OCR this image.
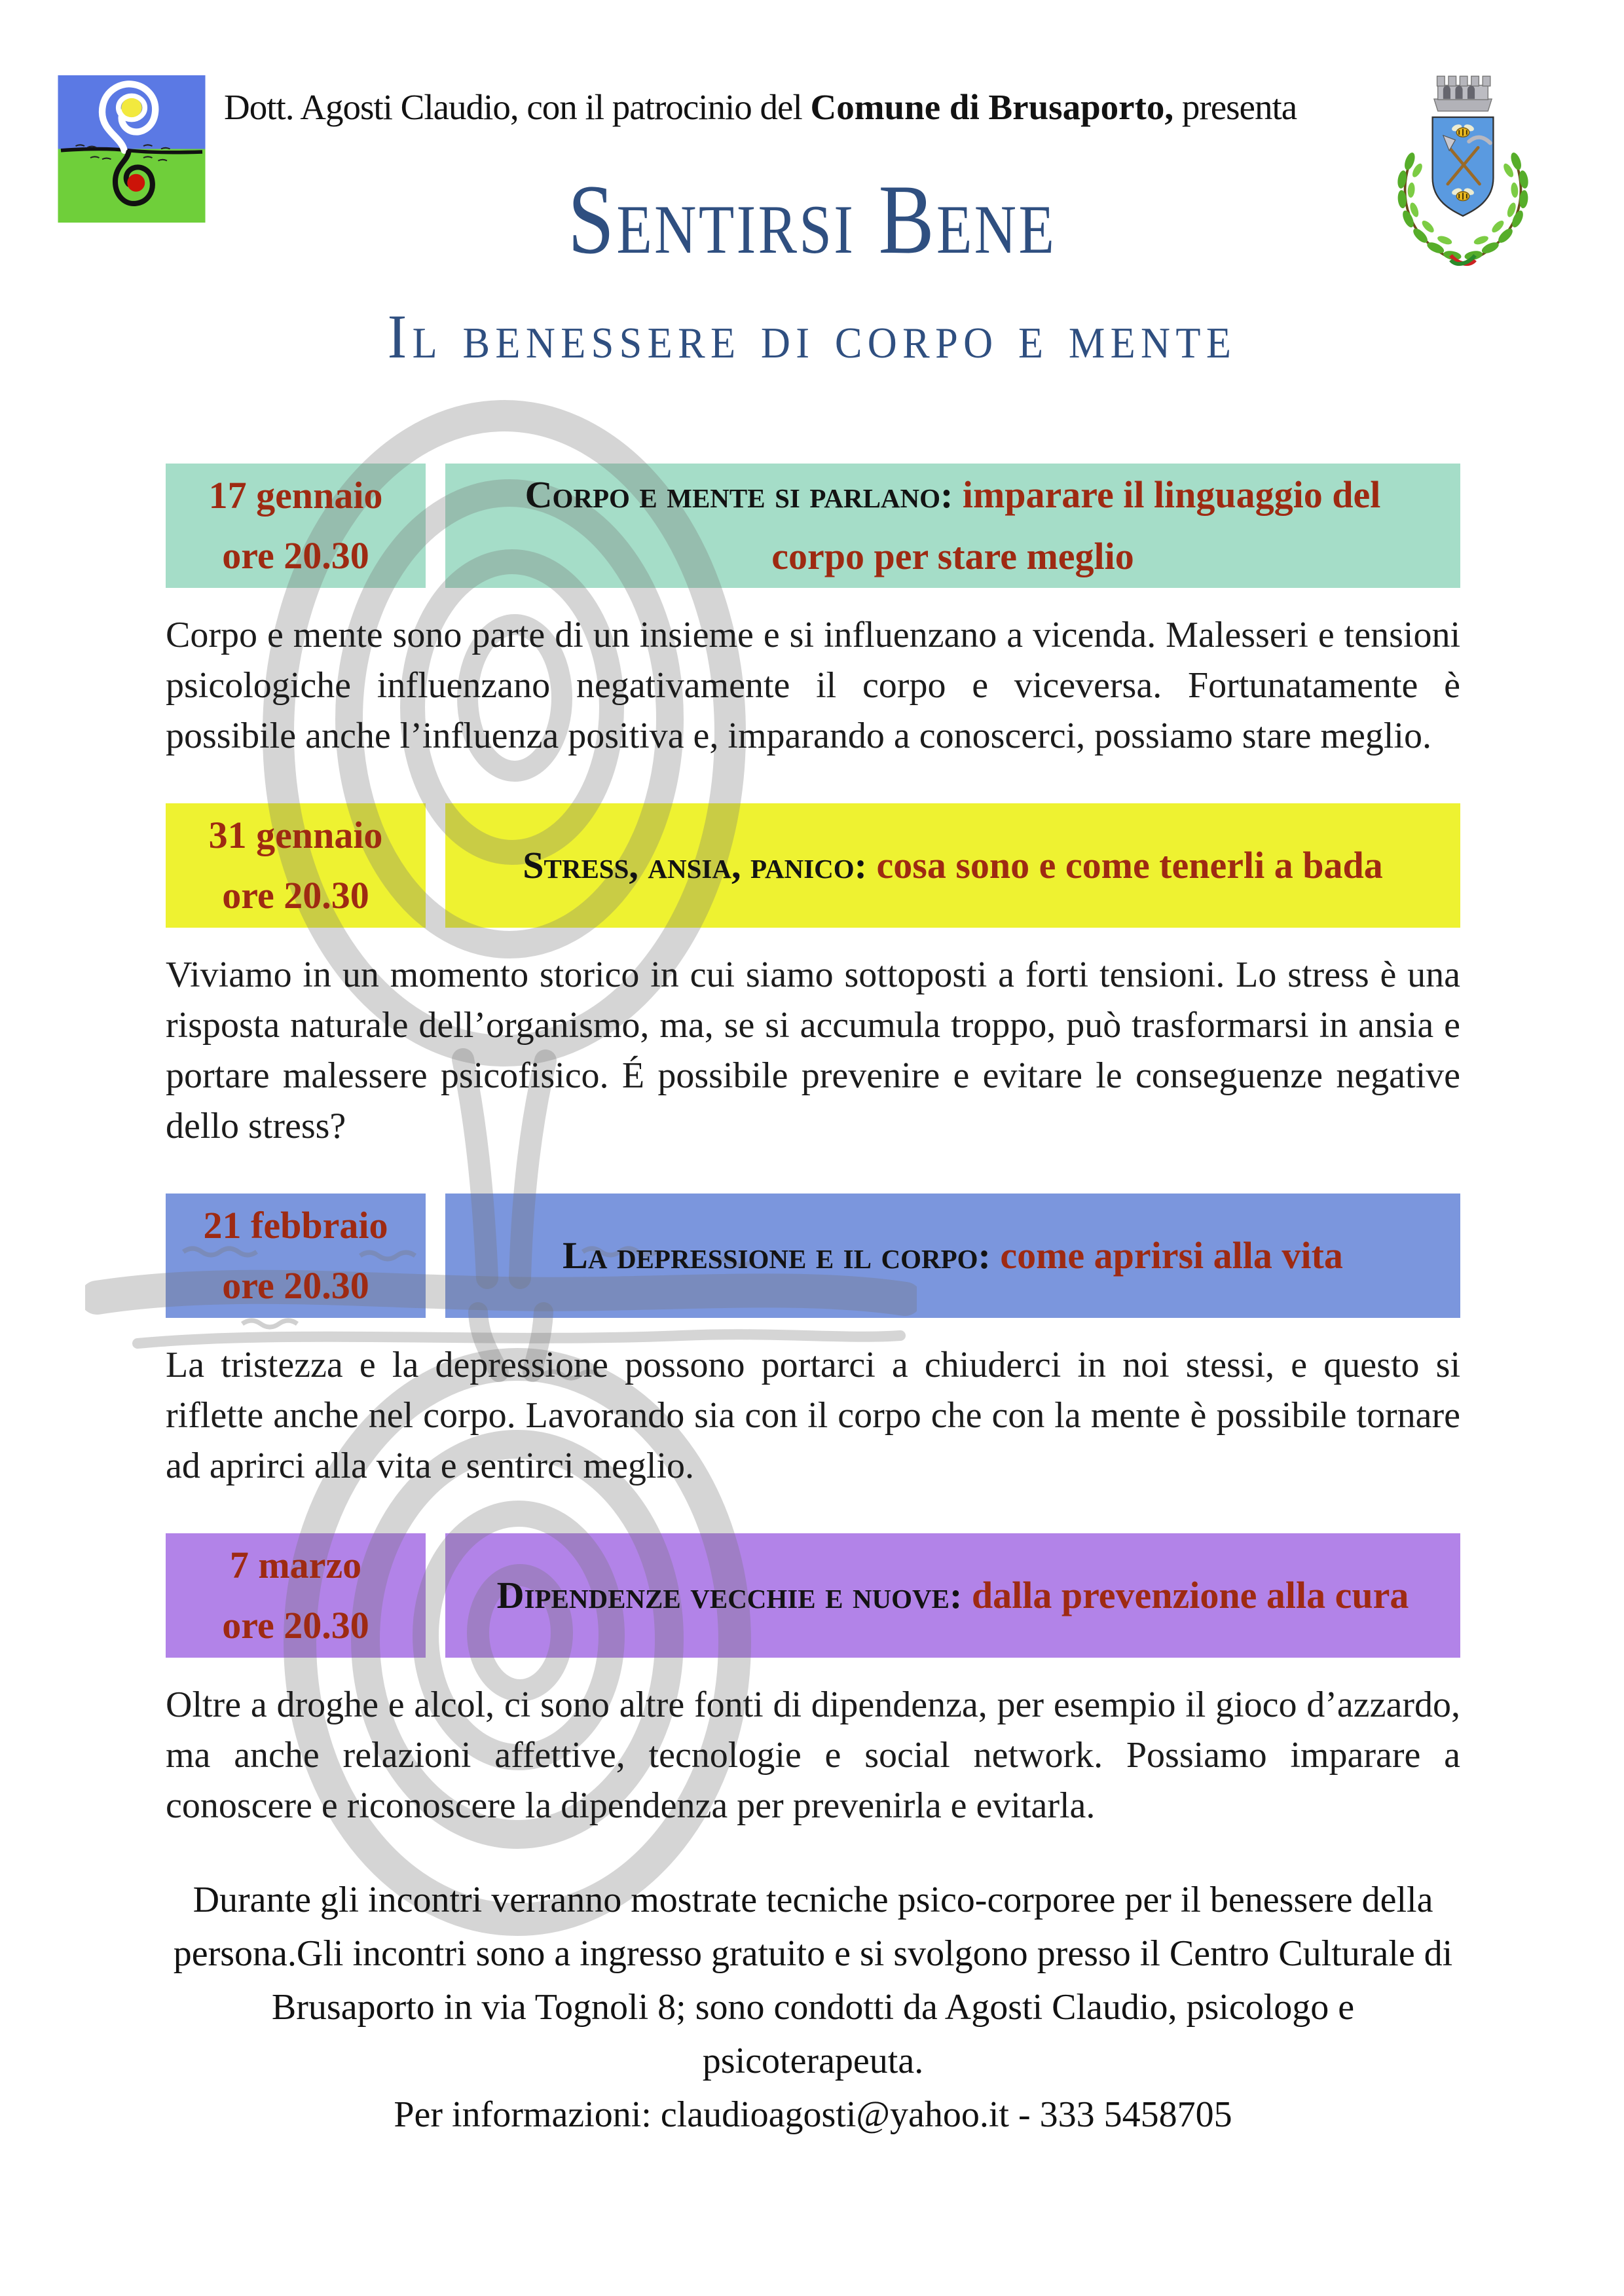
Dott. Agosti Claudio, con il patrocinio del Comune di Brusaporto, presenta
Sentirsi Bene
Il benessere di corpo e mente
17 gennaio
ore 20.30
Corpo e mente si parlano: imparare il linguaggio del corpo per stare meglio

Corpo e mente sono parte di un insieme e si influenzano a vicenda. Malesseri e tensioni psicologiche influenzano negativamente il corpo e viceversa. Fortunatamente è possibile anche l’influenza positiva e, imparando a conoscerci, possiamo stare meglio.

31 gennaio
ore 20.30
Stress, ansia, panico: cosa sono e come tenerli a bada

Viviamo in un momento storico in cui siamo sottoposti a forti tensioni. Lo stress è una risposta naturale dell’organismo, ma, se si accumula troppo, può trasformarsi in ansia e portare malessere psicofisico. É possibile prevenire e evitare le conseguenze negative dello stress?

21 febbraio
ore 20.30
La depressione e il corpo: come aprirsi alla vita

La tristezza e la depressione possono portarci a chiuderci in noi stessi, e questo si riflette anche nel corpo. Lavorando sia con il corpo che con la mente è possibile tornare ad aprirci alla vita e sentirci meglio.

7 marzo
ore 20.30
Dipendenze vecchie e nuove: dalla prevenzione alla cura

Oltre a droghe e alcol, ci sono altre fonti di dipendenza, per esempio il gioco d’azzardo, ma anche relazioni affettive, tecnologie e social network. Possiamo imparare a conoscere e riconoscere la dipendenza per prevenirla e evitarla.

Durante gli incontri verranno mostrate tecniche psico-corporee per il benessere della persona.Gli incontri sono a ingresso gratuito e si svolgono presso il Centro Culturale di Brusaporto in via Tognoli 8; sono condotti da Agosti Claudio, psicologo e psicoterapeuta.

Per informazioni: claudioagosti@yahoo.it - 333 5458705
